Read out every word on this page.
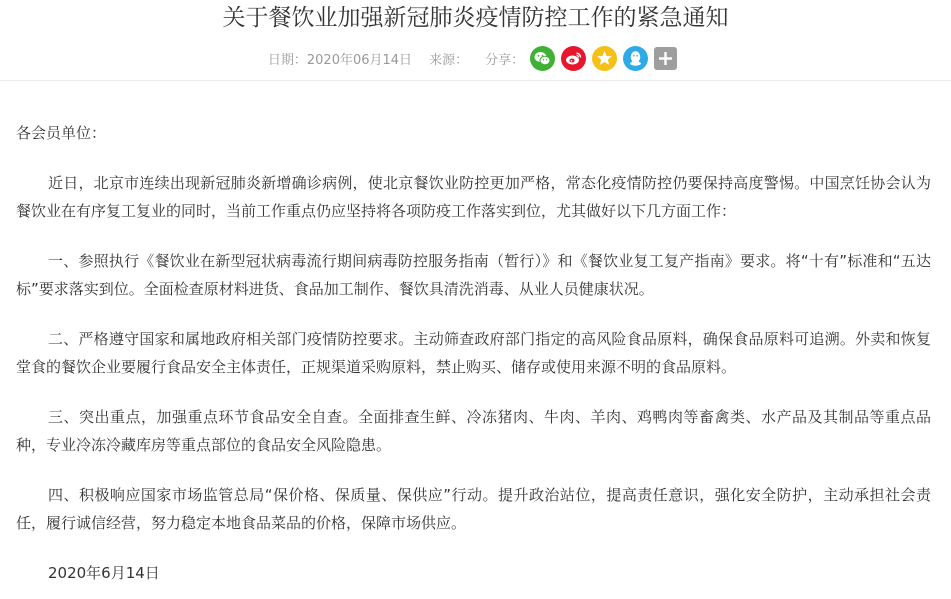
关于餐饮业加强新冠肺炎疫情防控工作的紧急通知
日期：2020年06月14日 来源： 分享：

各会员单位：

近日，北京市连续出现新冠肺炎新增确诊病例，使北京餐饮业防控更加严格，常态化疫情防控仍要保持高度警惕。中国烹饪协会认为餐饮业在有序复工复业的同时，当前工作重点仍应坚持将各项防疫工作落实到位，尤其做好以下几方面工作：

一、参照执行《餐饮业在新型冠状病毒流行期间病毒防控服务指南（暂行）》和《餐饮业复工复产指南》要求。将“十有”标准和“五达标”要求落实到位。全面检查原材料进货、食品加工制作、餐饮具清洗消毒、从业人员健康状况。

二、严格遵守国家和属地政府相关部门疫情防控要求。主动筛查政府部门指定的高风险食品原料，确保食品原料可追溯。外卖和恢复堂食的餐饮企业要履行食品安全主体责任，正规渠道采购原料，禁止购买、储存或使用来源不明的食品原料。

三、突出重点，加强重点环节食品安全自查。全面排查生鲜、冷冻猪肉、牛肉、羊肉、鸡鸭肉等畜禽类、水产品及其制品等重点品种，专业冷冻冷藏库房等重点部位的食品安全风险隐患。

四、积极响应国家市场监管总局“保价格、保质量、保供应”行动。提升政治站位，提高责任意识，强化安全防护，主动承担社会责任，履行诚信经营，努力稳定本地食品菜品的价格，保障市场供应。

2020年6月14日
